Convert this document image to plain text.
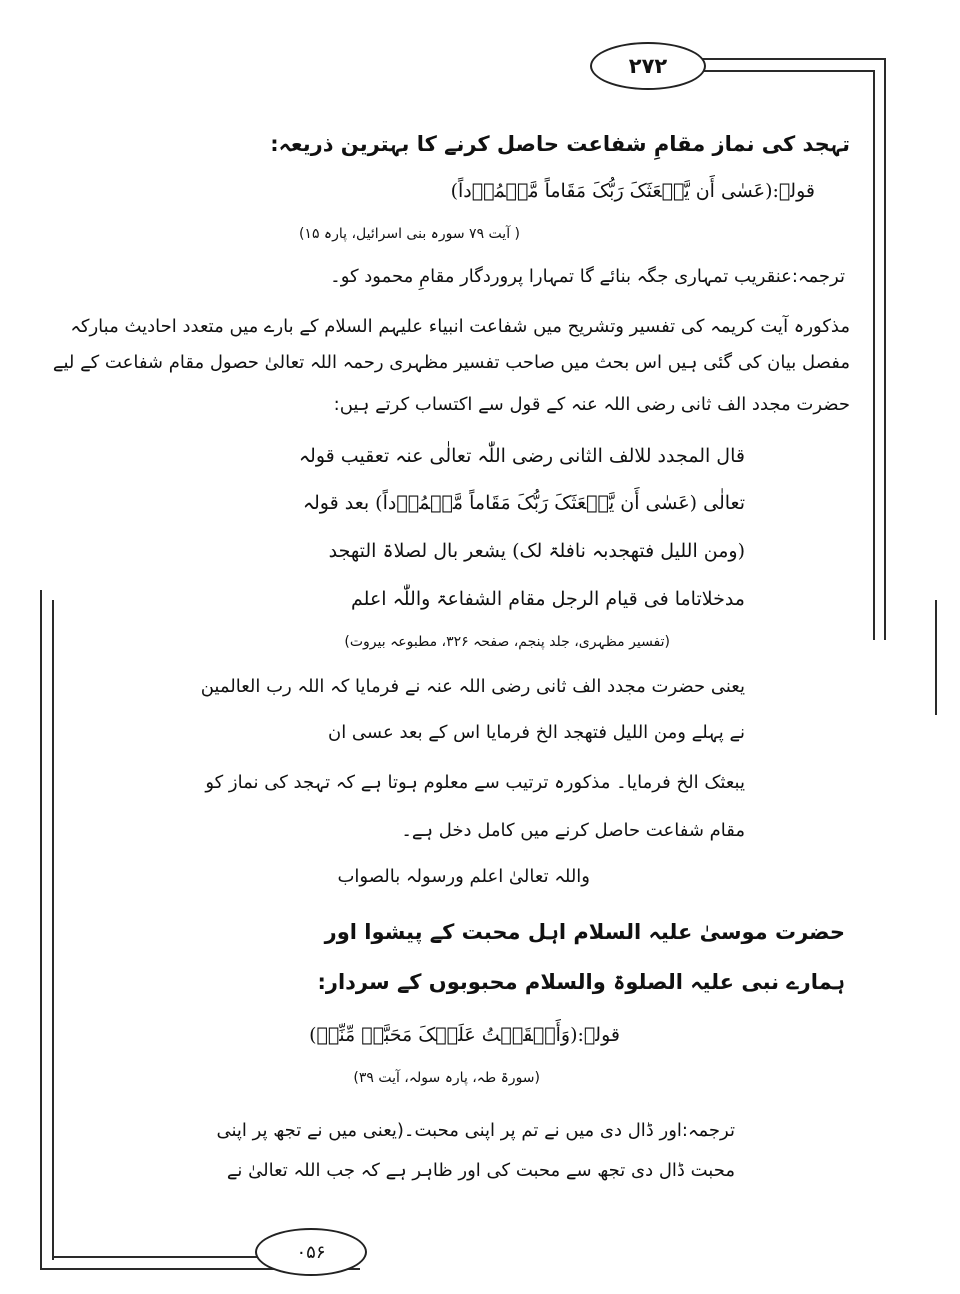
۲۷۲
۰۵۶
تہجد کی نماز مقامِ شفاعت حاصل کرنے کا بہترین ذریعہ:
قولہ:(عَسٰی أَن یَّبۡعَثَکَ رَبُّکَ مَقَاماً مَّحۡمُوۡداً)
( آیت ۷۹ سورہ بنی اسرائیل، پارہ ۱۵)
ترجمہ:عنقریب تمہاری جگہ بنائے گا تمہارا پروردگار مقامِ محمود کو۔
مذکورہ آیت کریمہ کی تفسیر وتشریح میں شفاعت انبیاء علیہم السلام کے بارے میں متعدد احادیث مبارکہ
مفصل بیان کی گئی ہیں اس بحث میں صاحب تفسیر مظہری رحمہ اللہ تعالیٰ حصول مقام شفاعت کے لیے
حضرت مجدد الف ثانی رضی اللہ عنہ کے قول سے اکتساب کرتے ہیں:
قال المجدد للالف الثانی رضی اللّٰہ تعالٰی عنہ تعقیب قولہ
تعالٰی (عَسٰی أَن یَّبۡعَثَکَ رَبُّکَ مَقَاماً مَّحۡمُوۡداً) بعد قولہ
(ومن اللیل فتھجدبہ نافلۃ لک) یشعر بال لصلاۃ التھجد
مدخلاتاما فی قیام الرجل مقام الشفاعۃ واللّٰہ اعلم
(تفسیر مظہری، جلد پنجم، صفحہ ۳۲۶، مطبوعہ بیروت)
یعنی حضرت مجدد الف ثانی رضی اللہ عنہ نے فرمایا کہ اللہ رب العالمین
نے پہلے ومن اللیل فتھجد الخ فرمایا اس کے بعد عسی ان
یبعثک الخ فرمایا۔ مذکورہ ترتیب سے معلوم ہوتا ہے کہ تہجد کی نماز کو
مقام شفاعت حاصل کرنے میں کامل دخل ہے۔
واللہ تعالیٰ اعلم ورسولہ بالصواب
حضرت موسیٰ علیہ السلام اہل محبت کے پیشوا اور
ہمارے نبی علیہ الصلوۃ والسلام محبوبوں کے سردار:
قولہ:(وَأَلۡقَیۡتُ عَلَیۡکَ مَحَبَّۃً مِّنِّیۡ)
(سورۃ طہ، پارہ سولہ، آیت ۳۹)
ترجمہ:اور ڈال دی میں نے تم پر اپنی محبت۔(یعنی میں نے تجھ پر اپنی
محبت ڈال دی تجھ سے محبت کی اور ظاہر ہے کہ جب اللہ تعالیٰ نے
